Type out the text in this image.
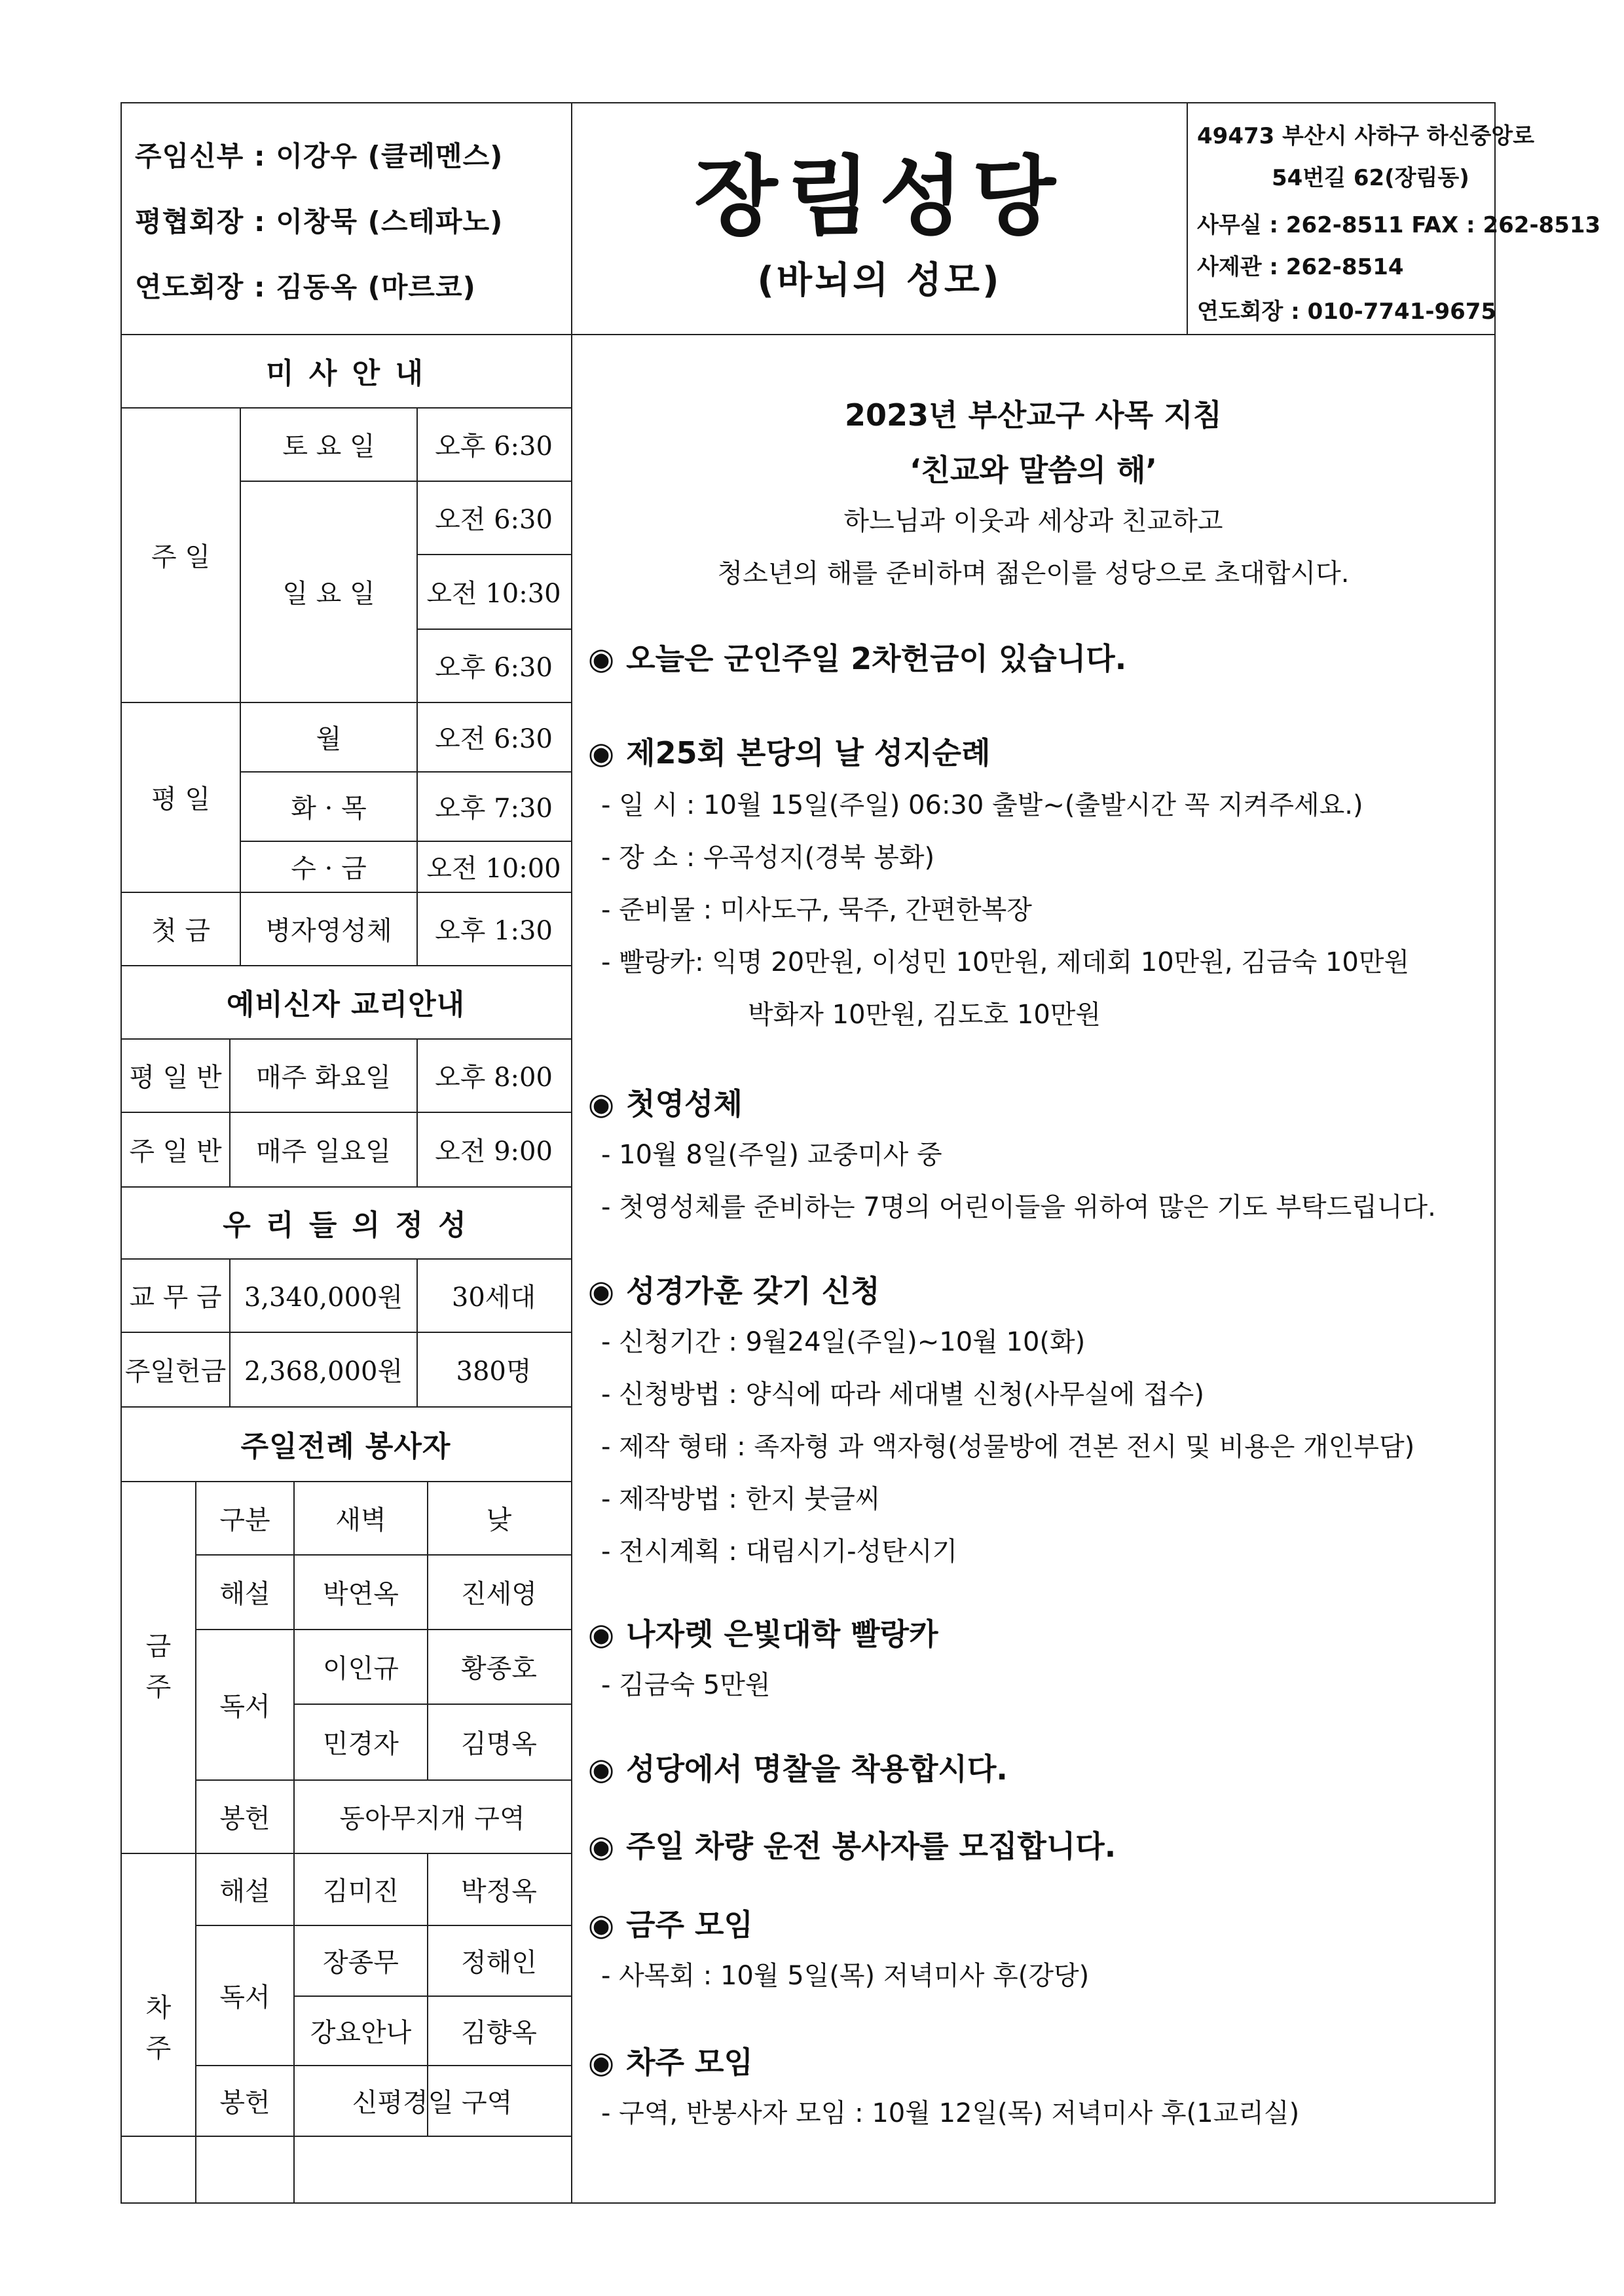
주임신부 : 이강우 (클레멘스)
평협회장 : 이창묵 (스테파노)
연도회장 : 김동옥 (마르코)
장림성당
(바뇌의 성모)
49473 부산시 사하구 하신중앙로
54번길 62(장림동)
사무실 : 262-8511 FAX : 262-8513
사제관 : 262-8514
연도회장 : 010-7741-9675
미 사 안 내
주 일
토 요 일	오후 6:30
일 요 일
오전 6:30
오전 10:30
오후 6:30
평 일
월	오전 6:30
화 · 목	오후 7:30
수 · 금	오전 10:00
첫 금	병자영성체	오후 1:30
예비신자 교리안내
평 일 반	매주 화요일	오후 8:00
주 일 반	매주 일요일	오전 9:00
우 리 들 의 정 성
교 무 금 3,340,000원	30세대
주일헌금 2,368,000원	380명
주일전례 봉사자
금
주
구분	새벽	낮
해설	박연옥	진세영
독서
이인규	황종호
민경자	김명옥
봉헌	동아무지개 구역
차
주
해설	김미진	박정옥
독서
장종무	정해인
강요안나	김향옥
봉헌	신평경일 구역
2023년 부산교구 사목 지침
‘친교와 말씀의 해’
하느님과 이웃과 세상과 친교하고
청소년의 해를 준비하며 젊은이를 성당으로 초대합시다.
◉ 오늘은 군인주일 2차헌금이 있습니다.
◉ 제25회 본당의 날 성지순례
- 일 시 : 10월 15일(주일) 06:30 출발~(출발시간 꼭 지켜주세요.)
- 장 소 : 우곡성지(경북 봉화)
- 준비물 : 미사도구, 묵주, 간편한복장
- 빨랑카: 익명 20만원, 이성민 10만원, 제데회 10만원, 김금숙 10만원
박화자 10만원, 김도호 10만원
◉ 첫영성체
- 10월 8일(주일) 교중미사 중
- 첫영성체를 준비하는 7명의 어린이들을 위하여 많은 기도 부탁드립니다.
◉ 성경가훈 갖기 신청
- 신청기간 : 9월24일(주일)~10월 10(화)
- 신청방법 : 양식에 따라 세대별 신청(사무실에 접수)
- 제작 형태 : 족자형 과 액자형(성물방에 견본 전시 및 비용은 개인부담)
- 제작방법 : 한지 붓글씨
- 전시계획 : 대림시기-성탄시기
◉ 나자렛 은빛대학 빨랑카
- 김금숙 5만원
◉ 성당에서 명찰을 착용합시다.
◉ 주일 차량 운전 봉사자를 모집합니다.
◉ 금주 모임
- 사목회 : 10월 5일(목) 저녁미사 후(강당)
◉ 차주 모임
- 구역, 반봉사자 모임 : 10월 12일(목) 저녁미사 후(1교리실)
